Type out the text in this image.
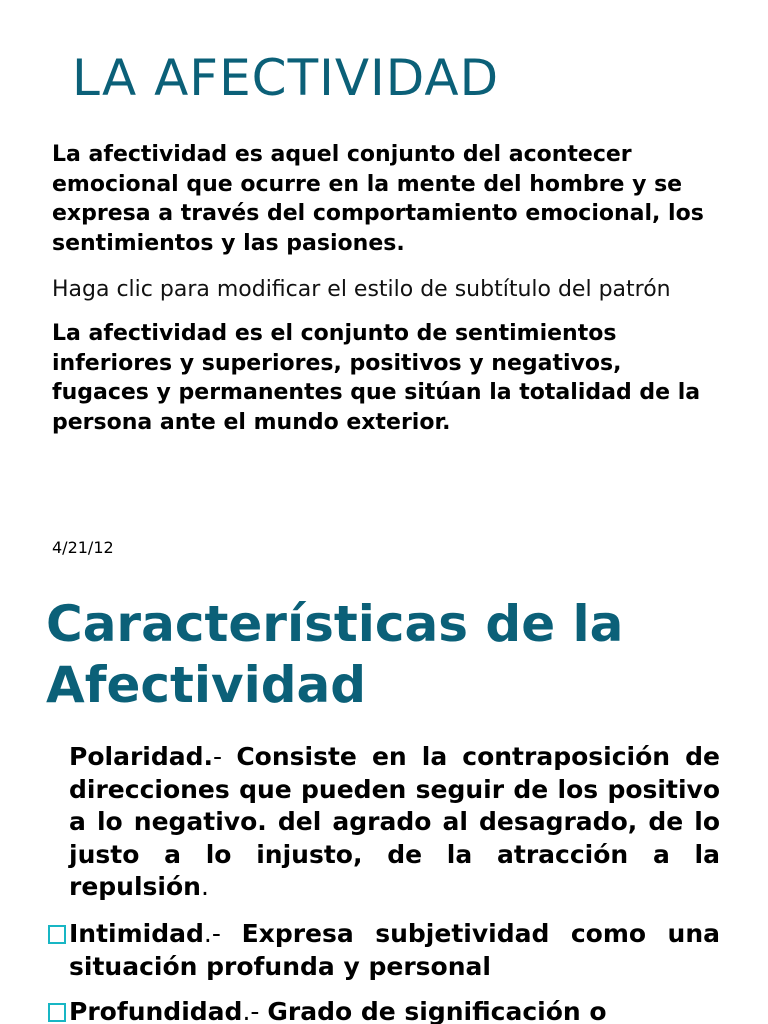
LA AFECTIVIDAD

La afectividad es aquel conjunto del acontecer emocional que ocurre en la mente del hombre y se expresa a través del comportamiento emocional, los sentimientos y las pasiones.

Haga clic para modificar el estilo de subtítulo del patrón

La afectividad es el conjunto de sentimientos inferiores y superiores, positivos y negativos, fugaces y permanentes que sitúan la totalidad de la persona ante el mundo exterior.

4/21/12
Características de la Afectividad
Polaridad.- Consiste en la contraposición de direcciones que pueden seguir de los positivo a lo negativo. del agrado al desagrado, de lo justo a lo injusto, de la atracción a la repulsión.
Intimidad.- Expresa subjetividad como una situación profunda y personal
Profundidad.- Grado de significación o
